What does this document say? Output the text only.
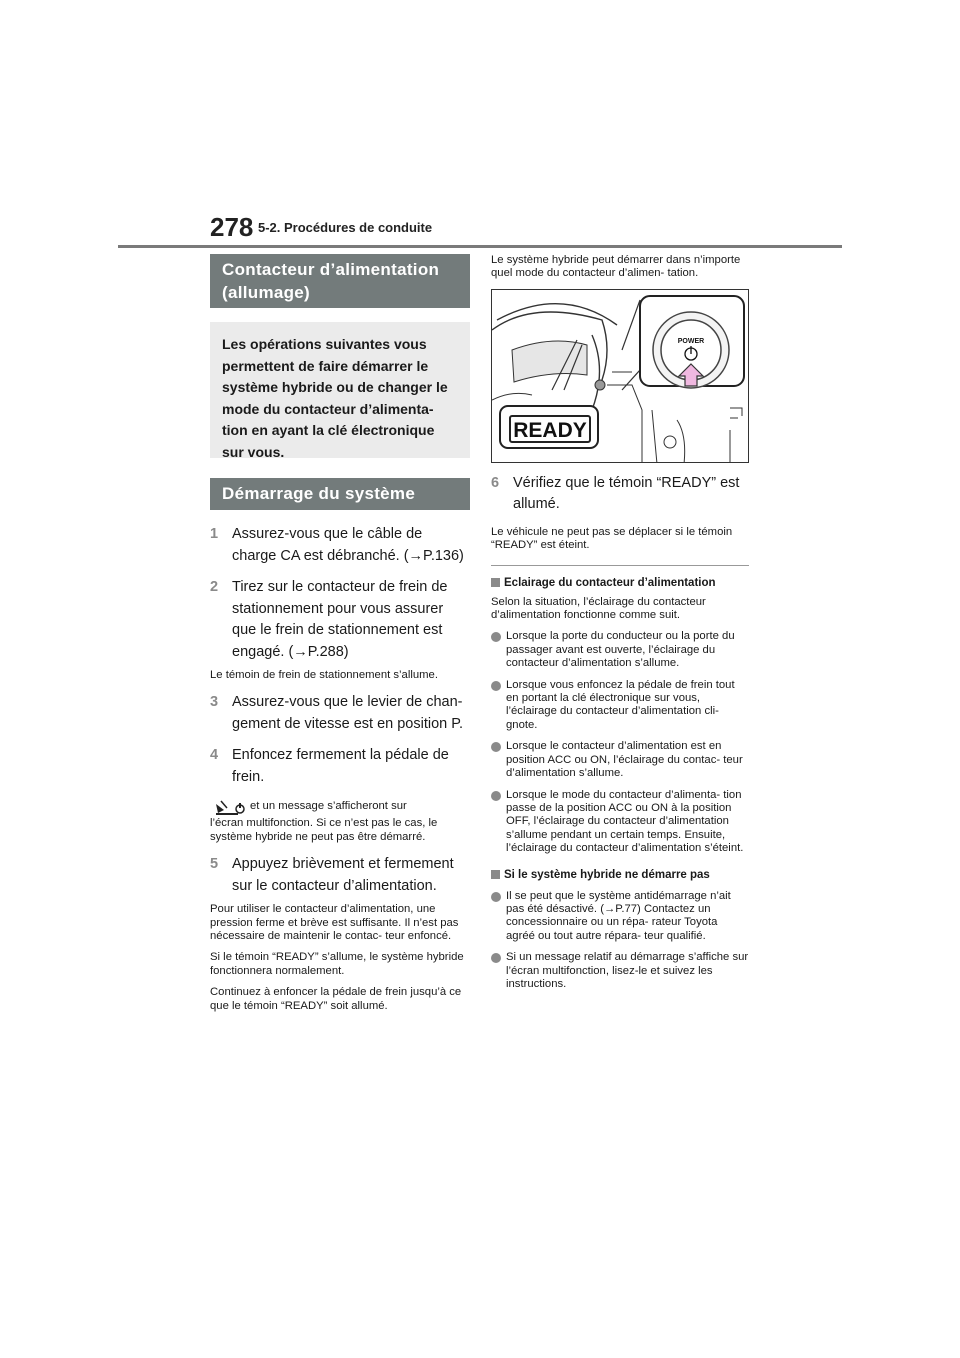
278 5-2. Procédures de conduite
Contacteur d’alimentation (allumage)
Les opérations suivantes vous permettent de faire démarrer le système hybride ou de changer le mode du contacteur d’alimenta- tion en ayant la clé électronique sur vous.
Démarrage du système hybride
1 Assurez-vous que le câble de charge CA est débranché. (→P.136)
2 Tirez sur le contacteur de frein de stationnement pour vous assurer que le frein de stationnement est engagé. (→P.288)
Le témoin de frein de stationnement s’allume.
3 Assurez-vous que le levier de chan- gement de vitesse est en position P.
4 Enfoncez fermement la pédale de frein.
et un message s’afficheront sur
l’écran multifonction. Si ce n’est pas le cas, le système hybride ne peut pas être démarré.
5 Appuyez brièvement et fermement sur le contacteur d’alimentation.
Pour utiliser le contacteur d’alimentation, une pression ferme et brève est suffisante. Il n’est pas nécessaire de maintenir le contac- teur enfoncé.
Si le témoin “READY” s’allume, le système hybride fonctionnera normalement.
Continuez à enfoncer la pédale de frein jusqu’à ce que le témoin “READY” soit allumé.
Le système hybride peut démarrer dans n’importe quel mode du contacteur d’alimen- tation.
READY
POWER
6 Vérifiez que le témoin “READY” est allumé.
Le véhicule ne peut pas se déplacer si le témoin “READY” est éteint.
Eclairage du contacteur d’alimentation
Selon la situation, l’éclairage du contacteur d’alimentation fonctionne comme suit.
Lorsque la porte du conducteur ou la porte du passager avant est ouverte, l’éclairage du contacteur d’alimentation s’allume.
Lorsque vous enfoncez la pédale de frein tout en portant la clé électronique sur vous, l’éclairage du contacteur d’alimentation cli- gnote.
Lorsque le contacteur d’alimentation est en position ACC ou ON, l’éclairage du contac- teur d’alimentation s’allume.
Lorsque le mode du contacteur d’alimenta- tion passe de la position ACC ou ON à la position OFF, l’éclairage du contacteur d’alimentation s’allume pendant un certain temps. Ensuite, l’éclairage du contacteur d’alimentation s’éteint.
Si le système hybride ne démarre pas
Il se peut que le système antidémarrage n’ait pas été désactivé. (→P.77) Contactez un concessionnaire ou un répa- rateur Toyota agréé ou tout autre répara- teur qualifié.
Si un message relatif au démarrage s’affiche sur l’écran multifonction, lisez-le et suivez les instructions.
